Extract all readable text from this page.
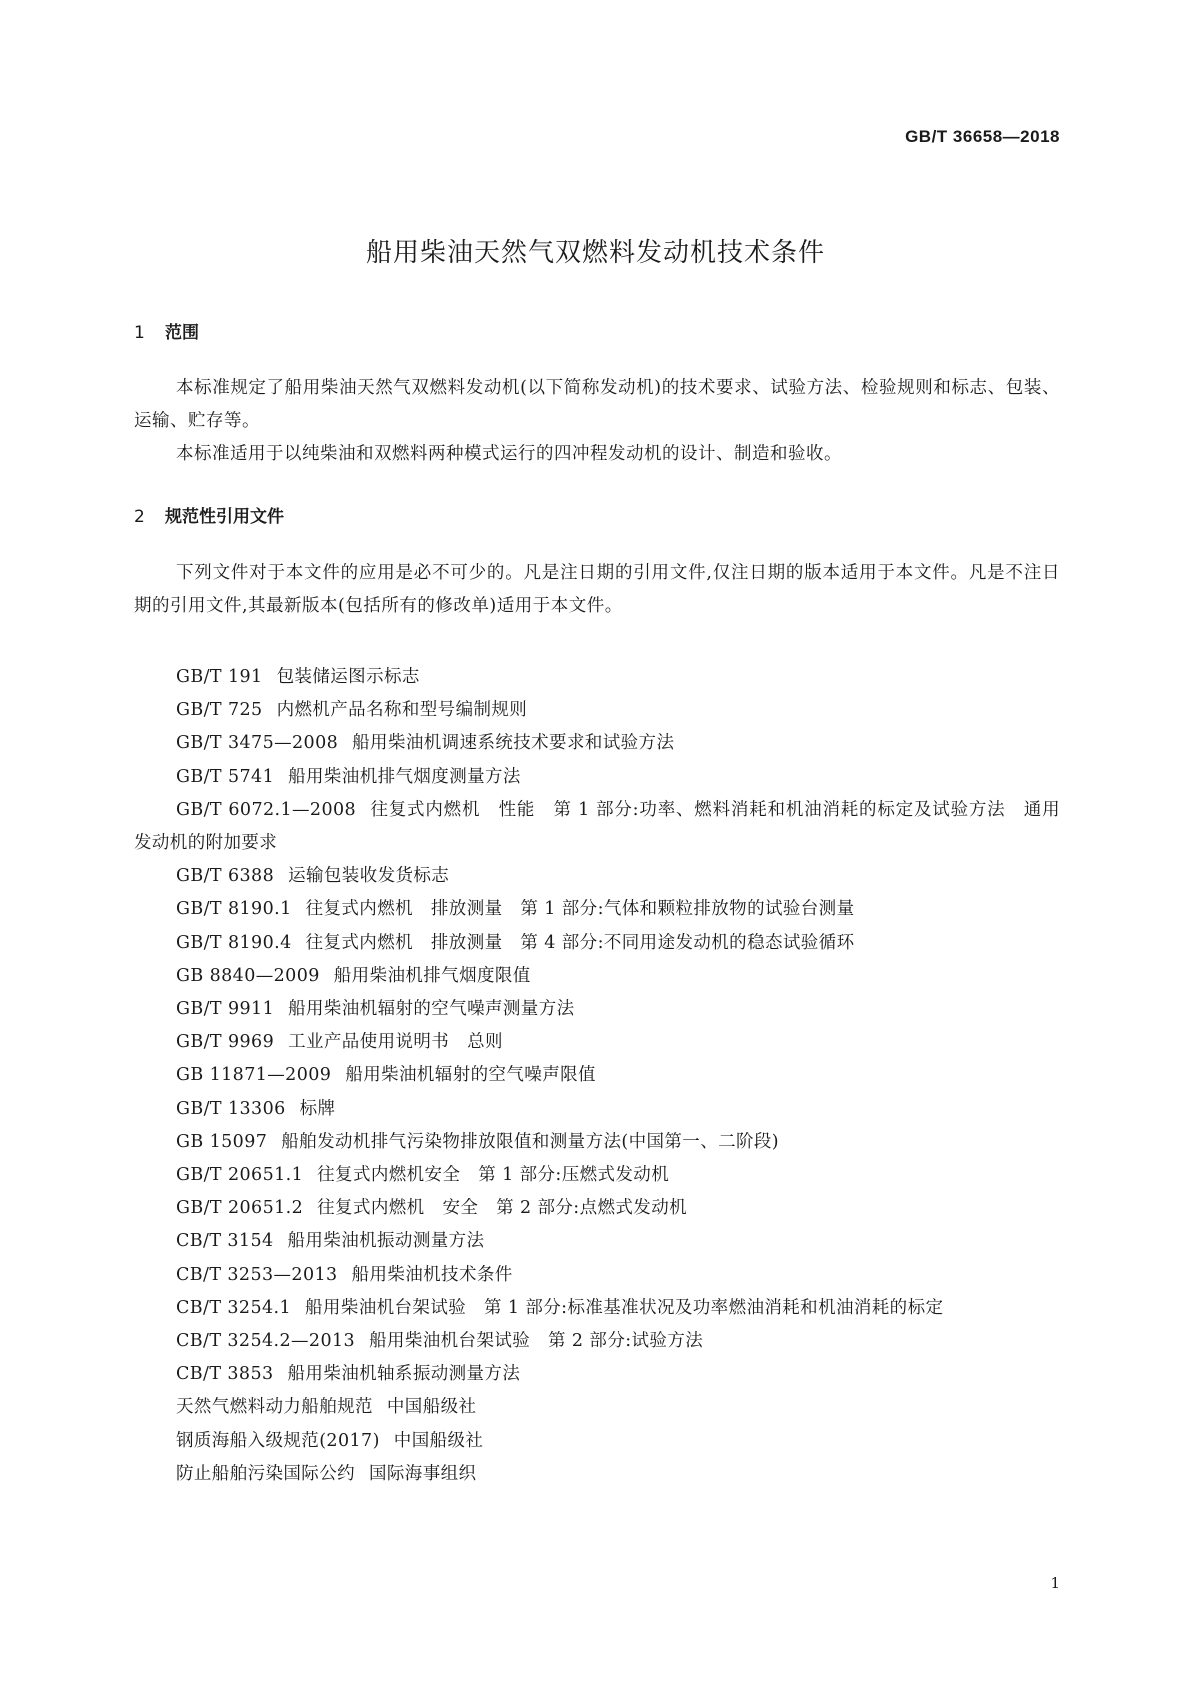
GB/T 36658—2018
船用柴油天然气双燃料发动机技术条件
1 范围

本标准规定了船用柴油天然气双燃料发动机(以下简称发动机)的技术要求、试验方法、检验规则和标志、包装、运输、贮存等。

本标准适用于以纯柴油和双燃料两种模式运行的四冲程发动机的设计、制造和验收。

2 规范性引用文件

下列文件对于本文件的应用是必不可少的。凡是注日期的引用文件,仅注日期的版本适用于本文件。凡是不注日期的引用文件,其最新版本(包括所有的修改单)适用于本文件。

GB/T 191 包装储运图示标志
GB/T 725 内燃机产品名称和型号编制规则
GB/T 3475—2008 船用柴油机调速系统技术要求和试验方法
GB/T 5741 船用柴油机排气烟度测量方法
GB/T 6072.1—2008 往复式内燃机　性能　第 1 部分:功率、燃料消耗和机油消耗的标定及试验方法　通用发动机的附加要求
GB/T 6388 运输包装收发货标志
GB/T 8190.1 往复式内燃机　排放测量　第 1 部分:气体和颗粒排放物的试验台测量
GB/T 8190.4 往复式内燃机　排放测量　第 4 部分:不同用途发动机的稳态试验循环
GB 8840—2009 船用柴油机排气烟度限值
GB/T 9911 船用柴油机辐射的空气噪声测量方法
GB/T 9969 工业产品使用说明书　总则
GB 11871—2009 船用柴油机辐射的空气噪声限值
GB/T 13306 标牌
GB 15097 船舶发动机排气污染物排放限值和测量方法(中国第一、二阶段)
GB/T 20651.1 往复式内燃机安全　第 1 部分:压燃式发动机
GB/T 20651.2 往复式内燃机　安全　第 2 部分:点燃式发动机
CB/T 3154 船用柴油机振动测量方法
CB/T 3253—2013 船用柴油机技术条件
CB/T 3254.1 船用柴油机台架试验　第 1 部分:标准基准状况及功率燃油消耗和机油消耗的标定
CB/T 3254.2—2013 船用柴油机台架试验　第 2 部分:试验方法
CB/T 3853 船用柴油机轴系振动测量方法
天然气燃料动力船舶规范 中国船级社
钢质海船入级规范(2017) 中国船级社
防止船舶污染国际公约 国际海事组织
1
